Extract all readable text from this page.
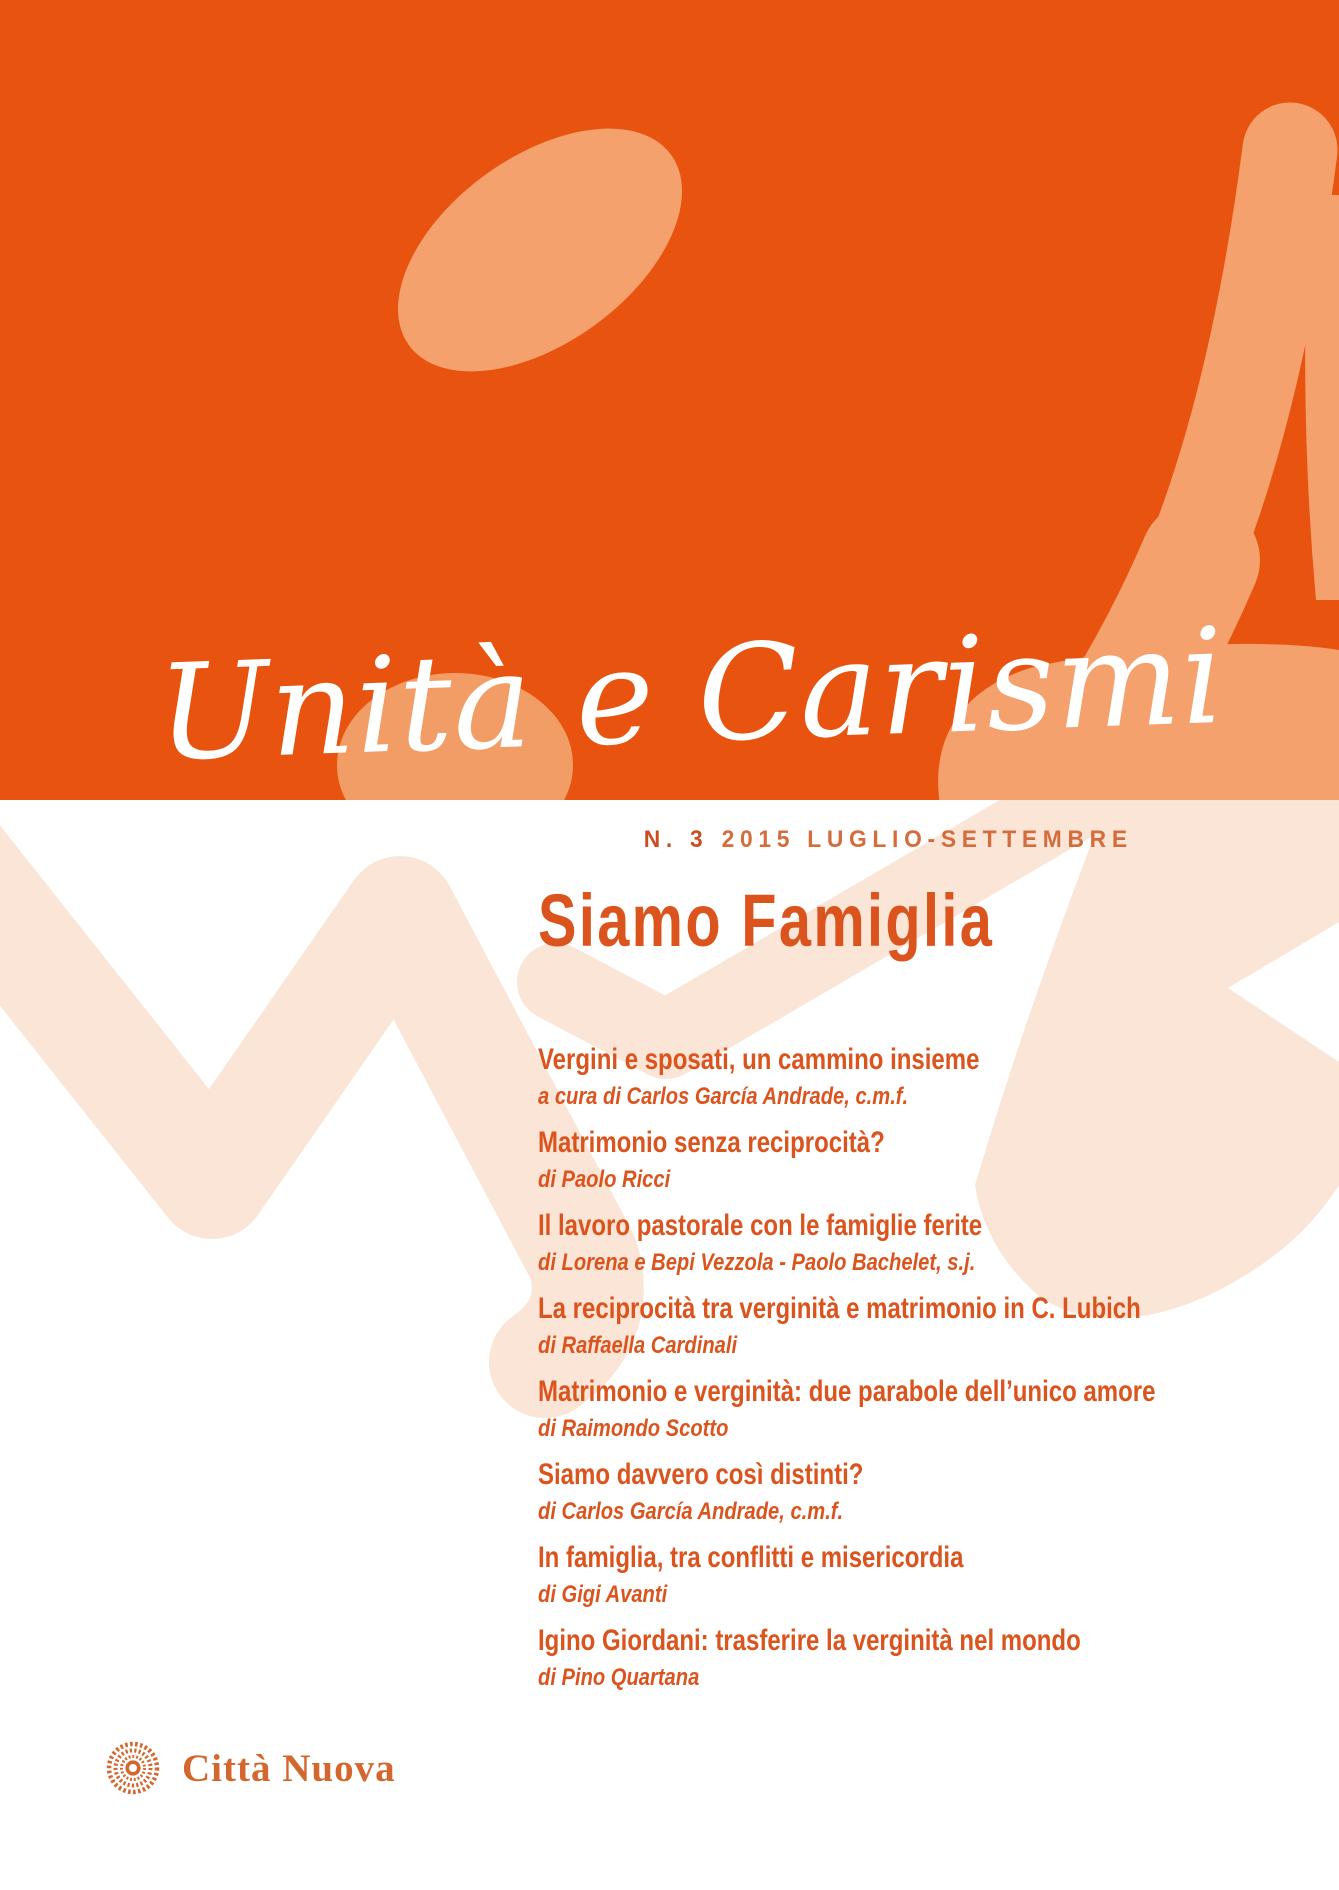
Unità e Carismi
N. 3 2015 LUGLIO-SETTEMBRE
Siamo Famiglia
Vergini e sposati, un cammino insieme
a cura di Carlos García Andrade, c.m.f.
Matrimonio senza reciprocità?
di Paolo Ricci
Il lavoro pastorale con le famiglie ferite
di Lorena e Bepi Vezzola - Paolo Bachelet, s.j.
La reciprocità tra verginità e matrimonio in C. Lubich
di Raffaella Cardinali
Matrimonio e verginità: due parabole dell’unico amore
di Raimondo Scotto
Siamo davvero così distinti?
di Carlos García Andrade, c.m.f.
In famiglia, tra conflitti e misericordia
di Gigi Avanti
Igino Giordani: trasferire la verginità nel mondo
di Pino Quartana
Città Nuova
